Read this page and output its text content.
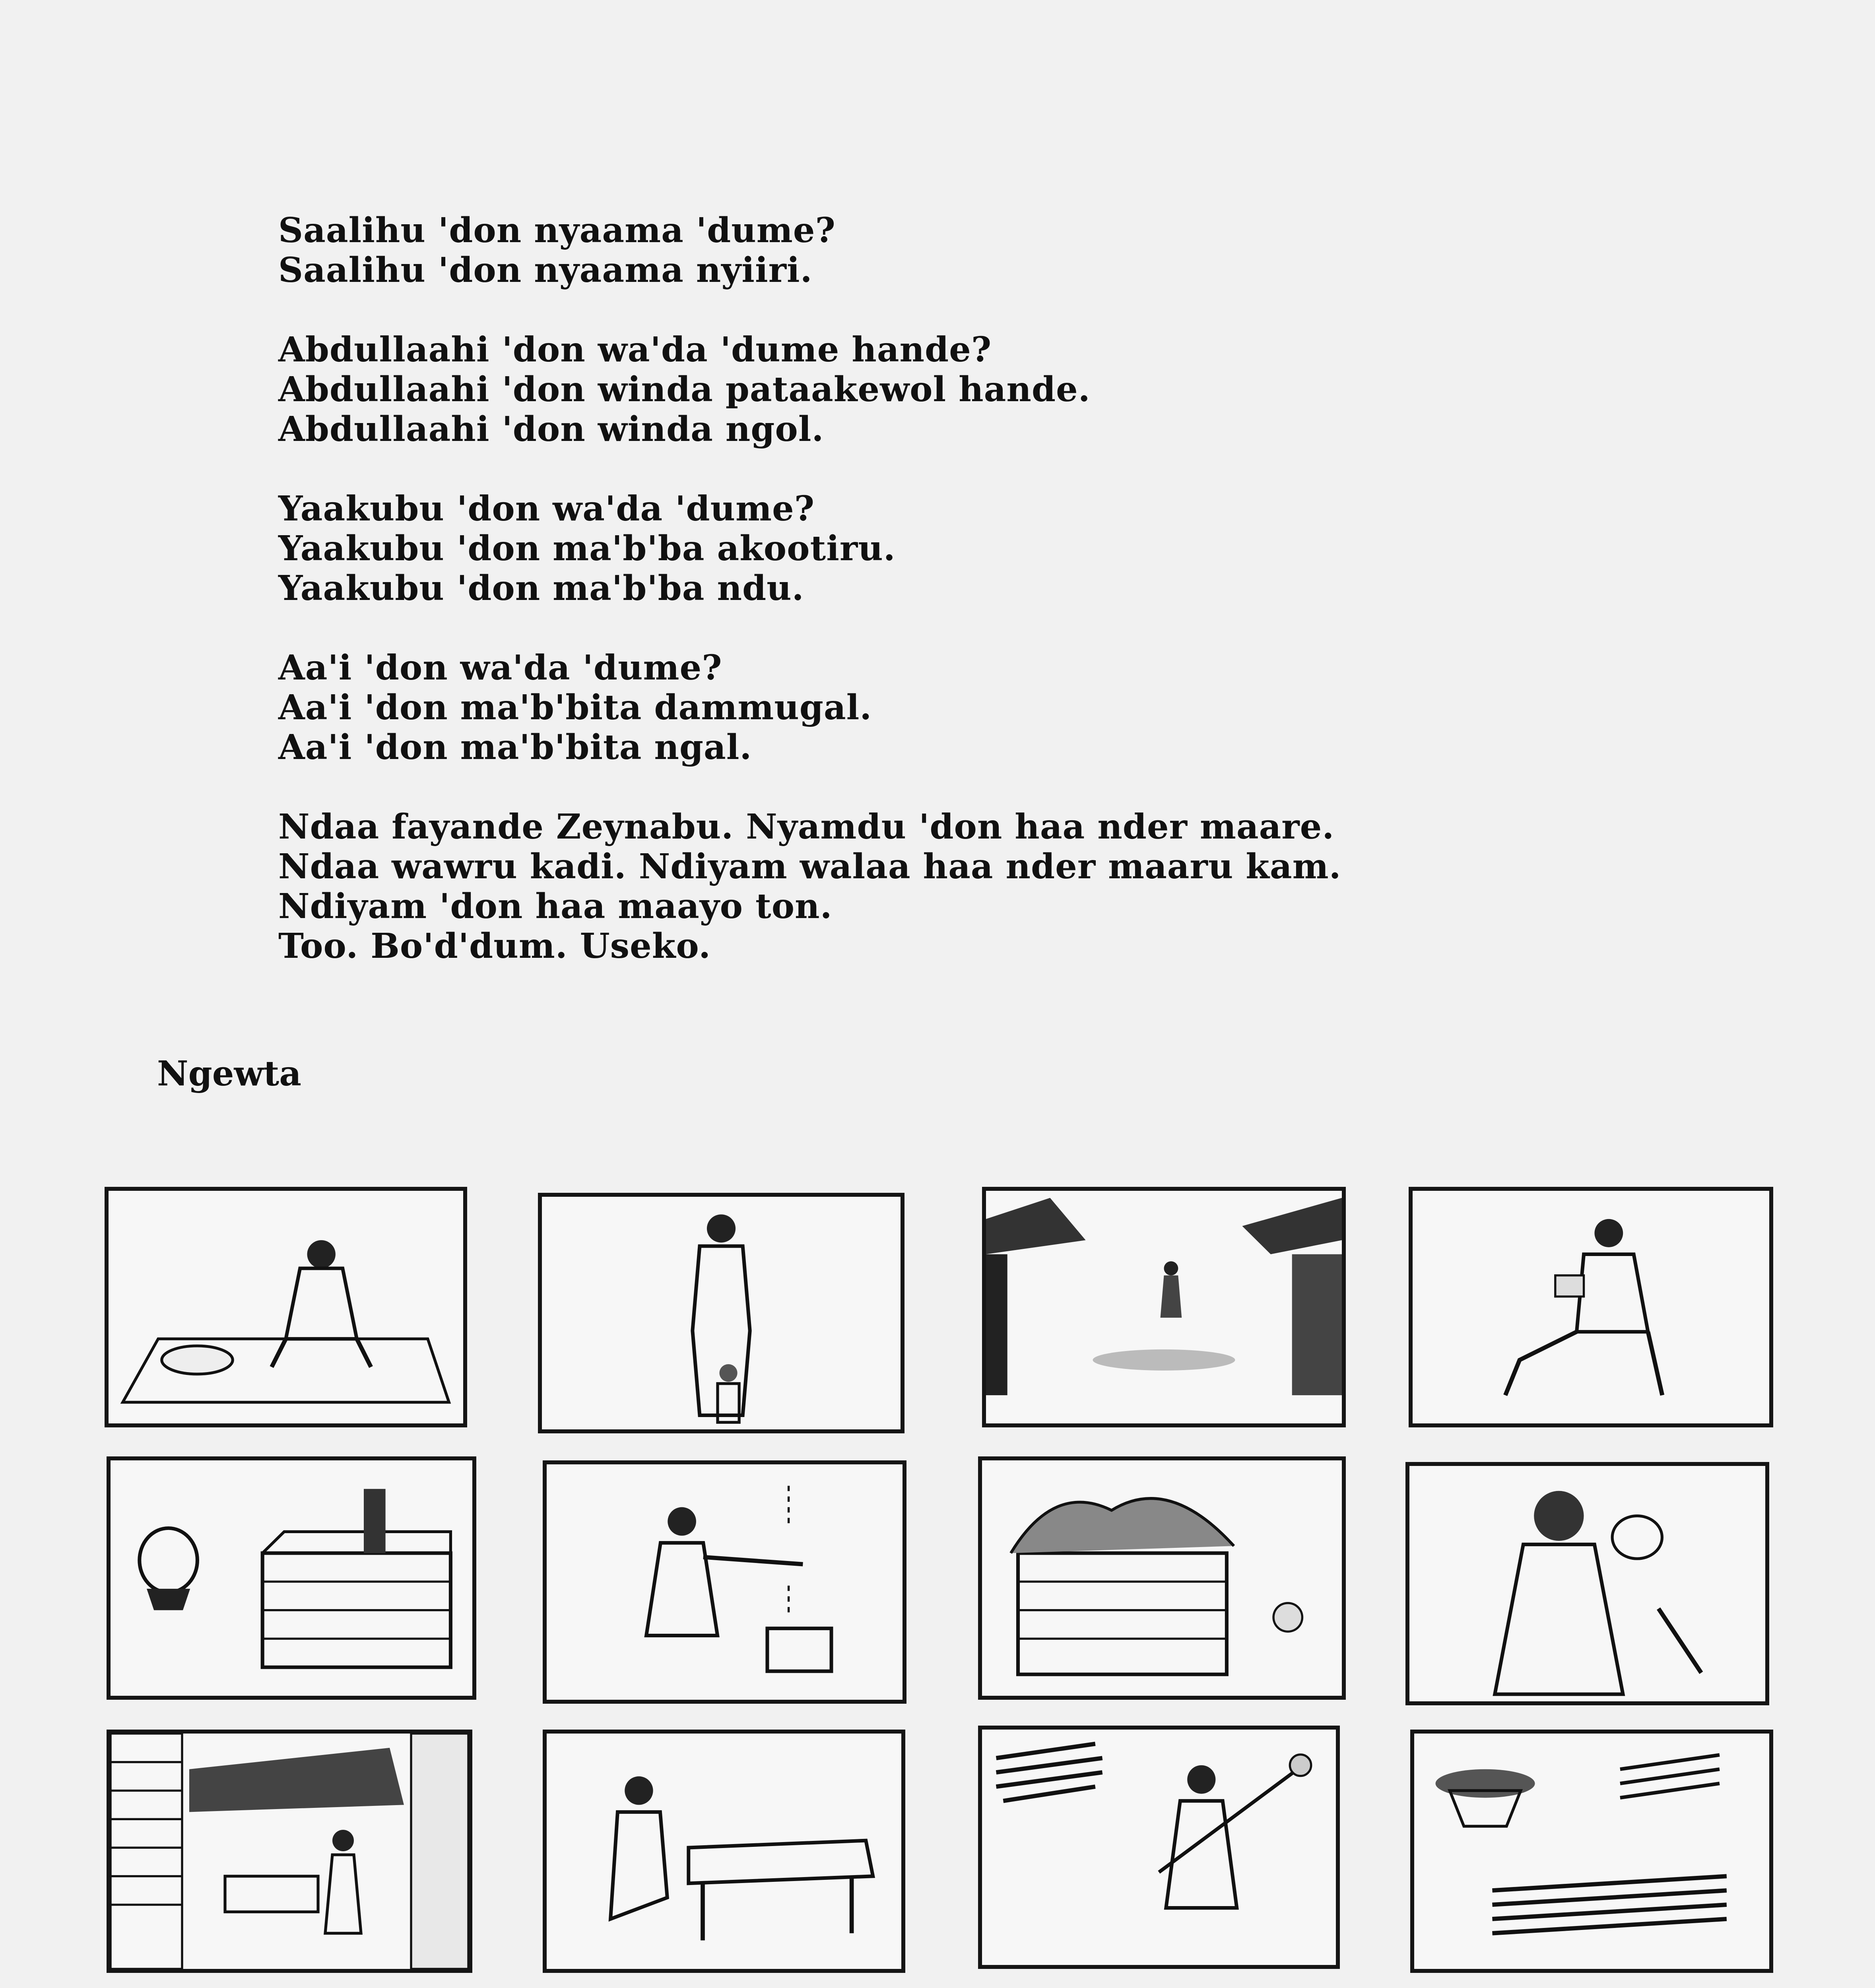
Saalihu 'don nyaama 'dume?
Saalihu 'don nyaama nyiiri.
Abdullaahi 'don wa'da 'dume hande?
Abdullaahi 'don winda pataakewol hande.
Abdullaahi 'don winda ngol.
Yaakubu 'don wa'da 'dume?
Yaakubu 'don ma'b'ba akootiru.
Yaakubu 'don ma'b'ba ndu.
Aa'i 'don wa'da 'dume?
Aa'i 'don ma'b'bita dammugal.
Aa'i 'don ma'b'bita ngal.
Ndaa fayande Zeynabu. Nyamdu 'don haa nder maare.
Ndaa wawru kadi. Ndiyam walaa haa nder maaru kam.
Ndiyam 'don haa maayo ton.
Too. Bo'd'dum. Useko.
Ngewta
